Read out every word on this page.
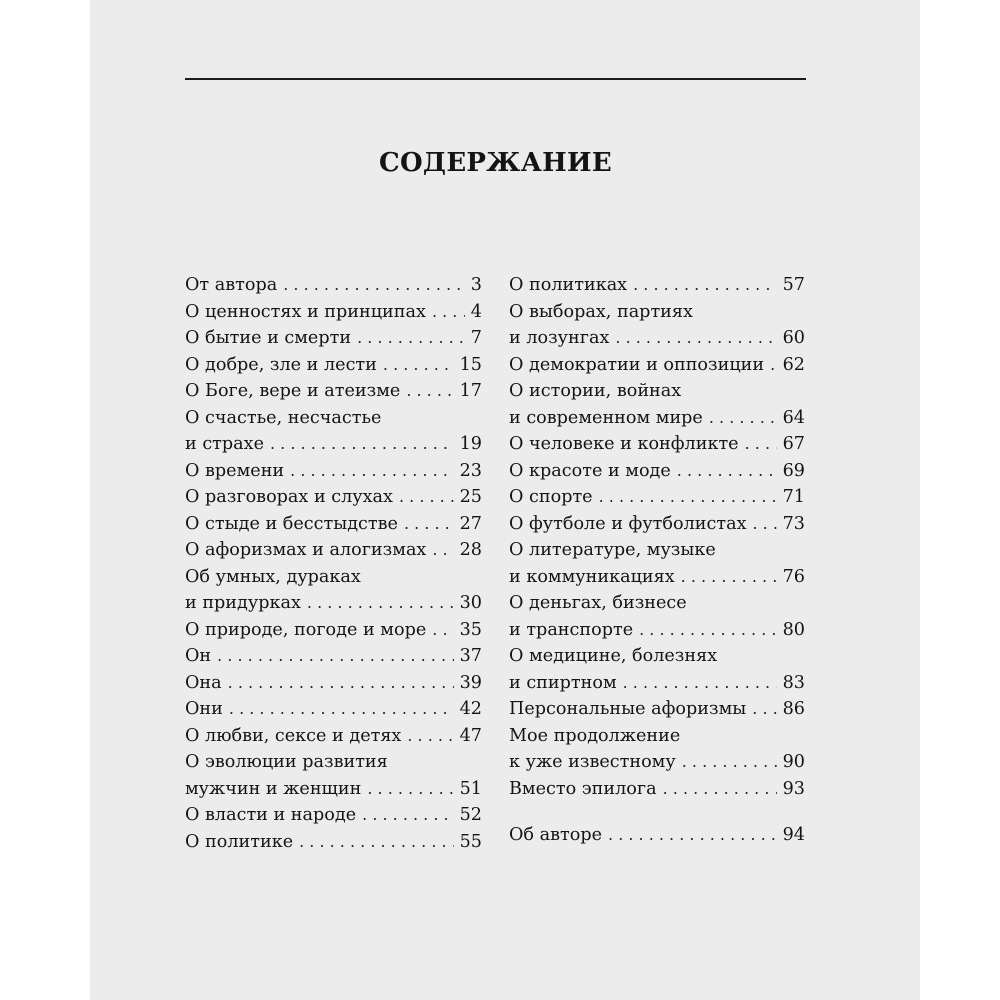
СОДЕРЖАНИЕ
От автора . . .	3
О ценностях и принципах . . .	4
О бытие и смерти . . .	7
О добре, зле и лести . . .	15
О Боге, вере и атеизме . . .	17
О счастье, несчастье
и страхе . . .	19
О времени . . .	23
О разговорах и слухах . . .	25
О стыде и бесстыдстве . . .	27
О афоризмах и алогизмах . . . 28
Об умных, дураках
и придурках . . .	30
О природе, погоде и море . . . 35
Он . . .	37
Она . . .	39
Они . . .	42
О любви, сексе и детях . . .	47
О эволюции развития
мужчин и женщин . . .	51
О власти и народе . . .	52
О политике . . .	55
О политиках . . .	57
О выборах, партиях
и лозунгах . . .	60
О демократии и оппозиции . . . 62
О истории, войнах
и современном мире . . .	64
О человеке и конфликте . . .	67
О красоте и моде . . .	69
О спорте . . .	71
О футболе и футболистах . . . 73
О литературе, музыке
и коммуникациях . . .	76
О деньгах, бизнесе
и транспорте . . .	80
О медицине, болезнях
и спиртном . . .	83
Персональные афоризмы . . . 86
Мое продолжение
к уже известному . . .	90
Вместо эпилога . . .	93
Об авторе . . .	94
